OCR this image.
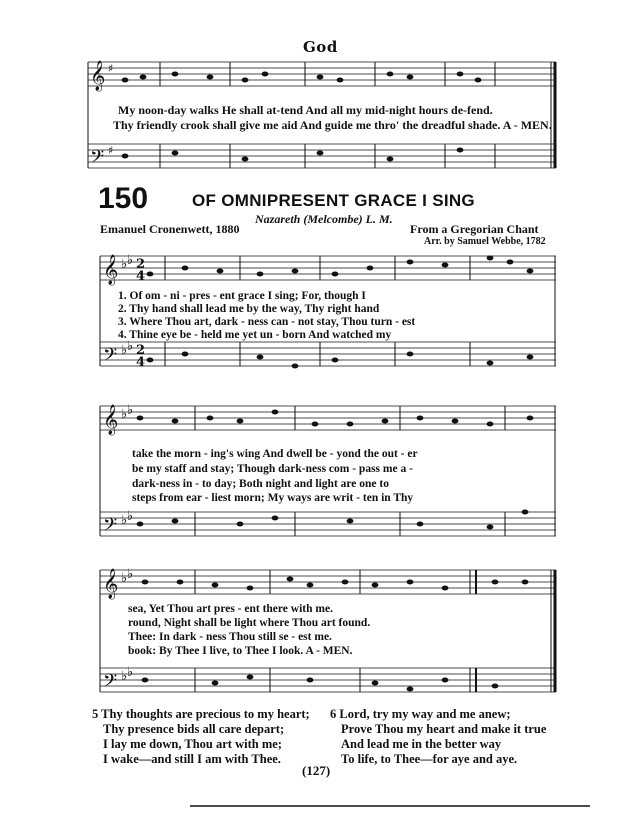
God
𝄞
𝄢
𝄞
𝄢
𝄞
𝄢
𝄞
𝄢
♭ ♭
♭ ♭
♭ ♭
♭ ♭
♭ ♭
♭ ♭
2
4
2
4
♯
♯
My noon-day walks He shall at-tend And all my mid-night hours de-fend.
Thy friendly crook shall give me aid And guide me thro' the dreadful shade. A - MEN.
150	OF OMNIPRESENT GRACE I SING
Emanuel Cronenwett, 1880
Nazareth (Melcombe) L. M.
From a Gregorian Chant
Arr. by Samuel Webbe, 1782
1. Of om - ni - pres - ent grace I sing; For, though I
2. Thy hand shall lead me by the way, Thy right hand
3. Where Thou art, dark - ness can - not stay, Thou turn - est
4. Thine eye be - held me yet un - born And watched my
take the morn - ing's wing And dwell be - yond the out - er
be my staff and stay; Though dark-ness com - pass me a -
dark-ness in - to day; Both night and light are one to
steps from ear - liest morn; My ways are writ - ten in Thy
sea, Yet Thou art pres - ent there with me.
round, Night shall be light where Thou art found.
Thee: In dark - ness Thou still se - est me.
book: By Thee I live, to Thee I look. A - MEN.
5 Thy thoughts are precious to my heart;
Thy presence bids all care depart;
I lay me down, Thou art with me;
I wake—and still I am with Thee.
6 Lord, try my way and me anew;
Prove Thou my heart and make it true
And lead me in the better way
To life, to Thee—for aye and aye.
(127)
